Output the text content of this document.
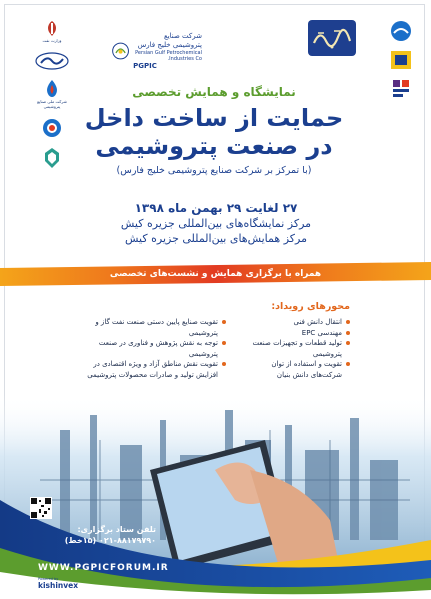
وزارت نفت
شرکت ملی صنایع پتروشیمی
شرکت صنایع پتروشیمی خلیج فارس
Persian Gulf Petrochemical Industries Co.
PGPIC
نمایشگاه و همایش تخصصی
حمایت از ساخت داخل
در صنعت پتروشیمی
(با تمرکز بر شرکت صنایع پتروشیمی خلیج فارس)
۲۷ لغایت ۲۹ بهمن ماه ۱۳۹۸
مرکز نمایشگاه‌های بین‌المللی جزیره کیش
مرکز همایش‌های بین‌المللی جزیره کیش
همراه با برگزاری همایش و نشست‌های تخصصی
محورهای رویداد:
انتقال دانش فنی
مهندسی EPC
تولید قطعات و تجهیزات صنعت پتروشیمی
تقویت و استفاده از توان شرکت‌های دانش بنیان
تقویت صنایع پایین دستی صنعت نفت گاز و پتروشیمی
توجه به نقش پژوهش و فناوری در صنعت پتروشیمی
تقویت نقش مناطق آزاد و ویژه اقتصادی در افزایش تولید و صادرات محصولات پتروشیمی
تلفن ستاد برگزاری:
۰۲۱-۸۸۱۷۹۷۹۰ (۱۵خط)
WWW.PGPICFORUM.IR
Powered by
kishinvex
